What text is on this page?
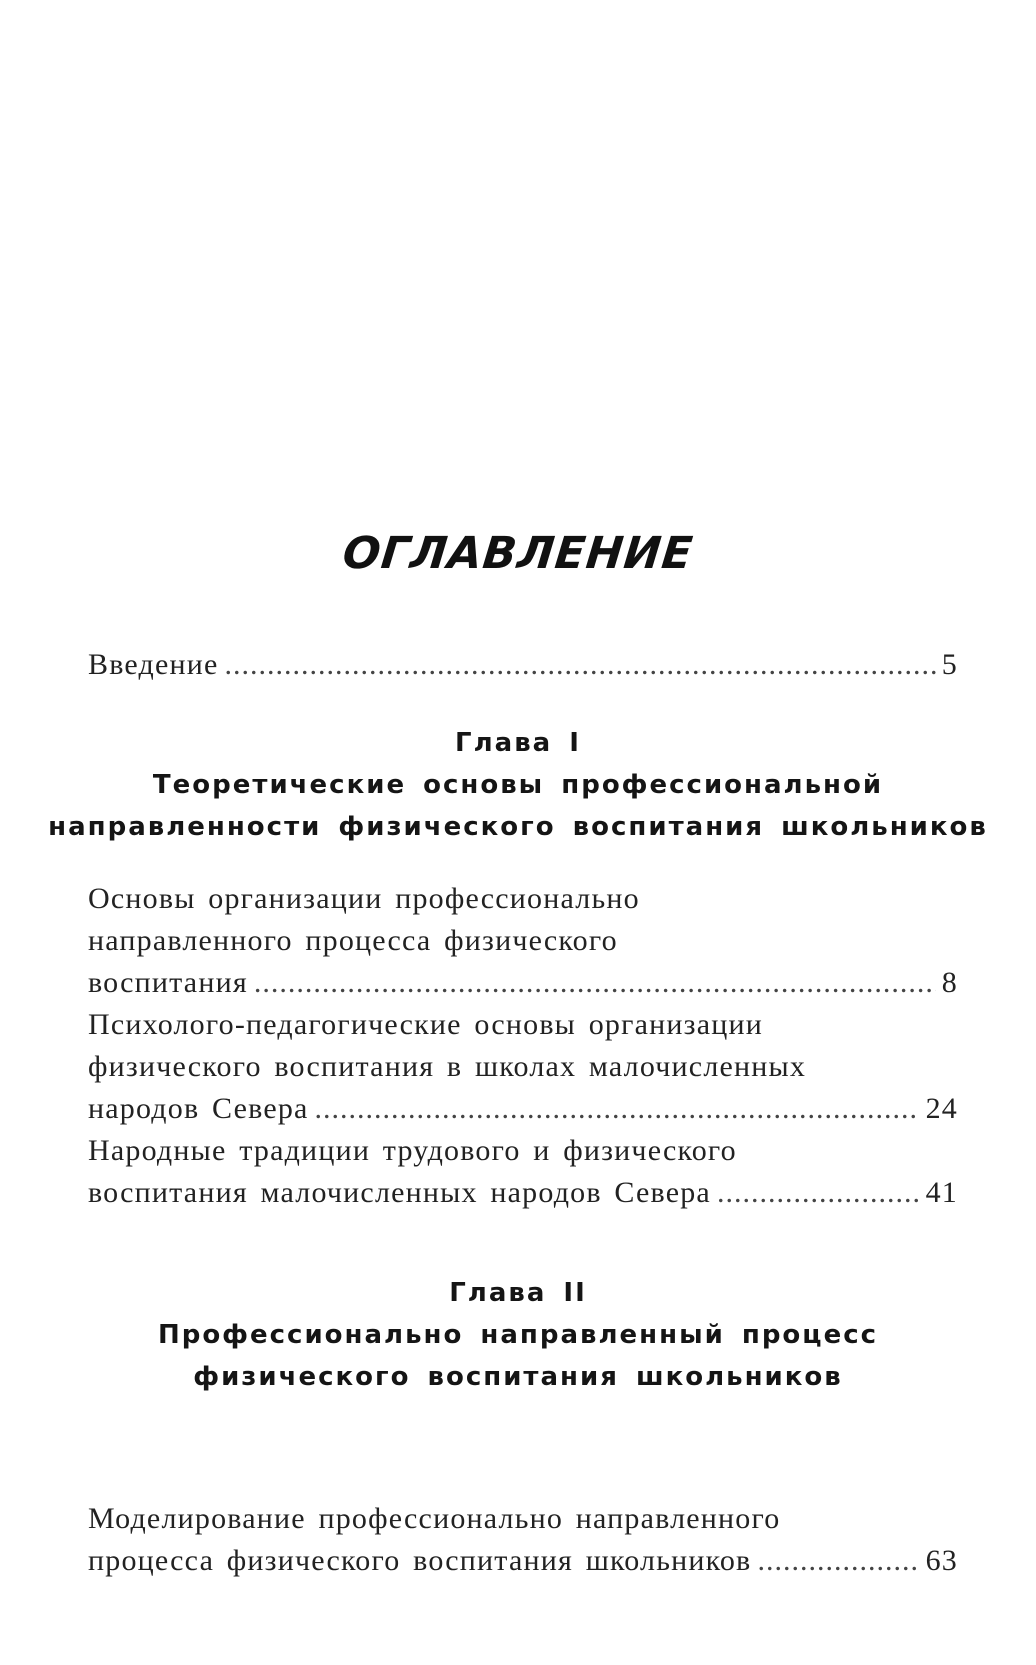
ОГЛАВЛЕНИЕ
Введение .....	5
Глава I
Теоретические основы профессиональной
направленности физического воспитания школьников
Основы организации профессионально
направленного процесса физического
воспитания .....	8
Психолого-педагогические основы организации
физического воспитания в школах малочисленных
народов Севера .....	24
Народные традиции трудового и физического
воспитания малочисленных народов Севера .....	41
Глава II
Профессионально направленный процесс
физического воспитания школьников
Моделирование профессионально направленного
процесса физического воспитания школьников .....	63
